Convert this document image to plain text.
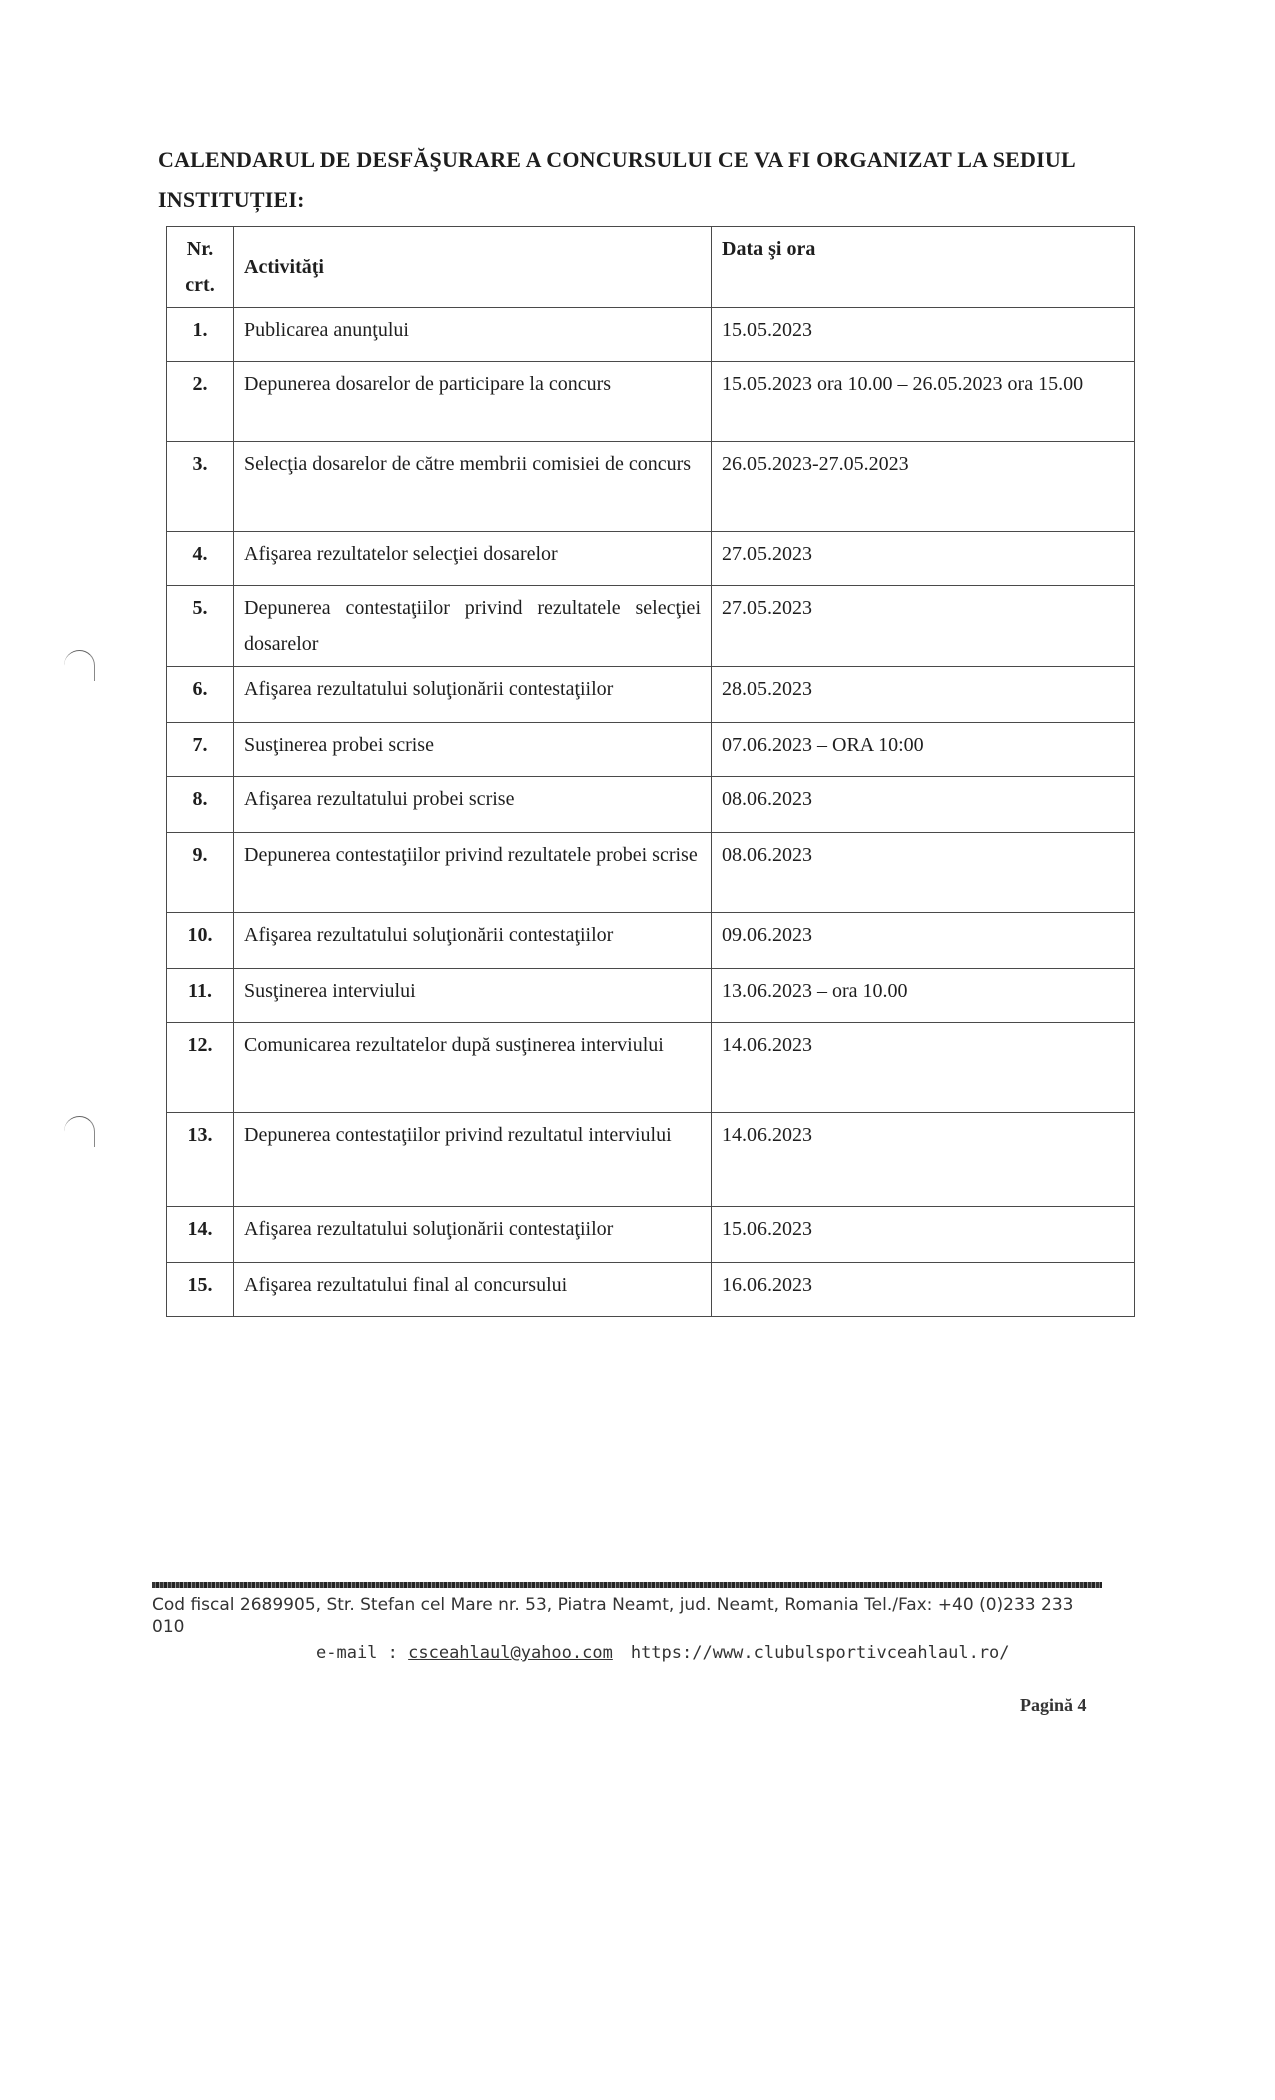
CALENDARUL DE DESFĂŞURARE A CONCURSULUI CE VA FI ORGANIZAT LA SEDIUL INSTITUȚIEI:
Nr. crt.	Activităţi	Data şi ora
1.	Publicarea anunţului	15.05.2023
2.	Depunerea dosarelor de participare la concurs	15.05.2023 ora 10.00 – 26.05.2023 ora 15.00
3.	Selecţia dosarelor de către membrii comisiei de concurs	26.05.2023-27.05.2023
4.	Afişarea rezultatelor selecţiei dosarelor	27.05.2023
5.	Depunerea contestaţiilor privind rezultatele selecţiei dosarelor	27.05.2023
6.	Afişarea rezultatului soluţionării contestaţiilor	28.05.2023
7.	Susţinerea probei scrise	07.06.2023 – ORA 10:00
8.	Afişarea rezultatului probei scrise	08.06.2023
9.	Depunerea contestaţiilor privind rezultatele probei scrise	08.06.2023
10.	Afişarea rezultatului soluţionării contestaţiilor	09.06.2023
11.	Susţinerea interviului	13.06.2023 – ora 10.00
12.	Comunicarea rezultatelor după susţinerea interviului	14.06.2023
13.	Depunerea contestaţiilor privind rezultatul interviului	14.06.2023
14.	Afişarea rezultatului soluţionării contestaţiilor	15.06.2023
15.	Afişarea rezultatului final al concursului	16.06.2023
Cod fiscal 2689905, Str. Stefan cel Mare nr. 53, Piatra Neamt, jud. Neamt, Romania Tel./Fax: +40 (0)233 233 010
e-mail : csceahlaul@yahoo.com https://www.clubulsportivceahlaul.ro/
Pagină 4
